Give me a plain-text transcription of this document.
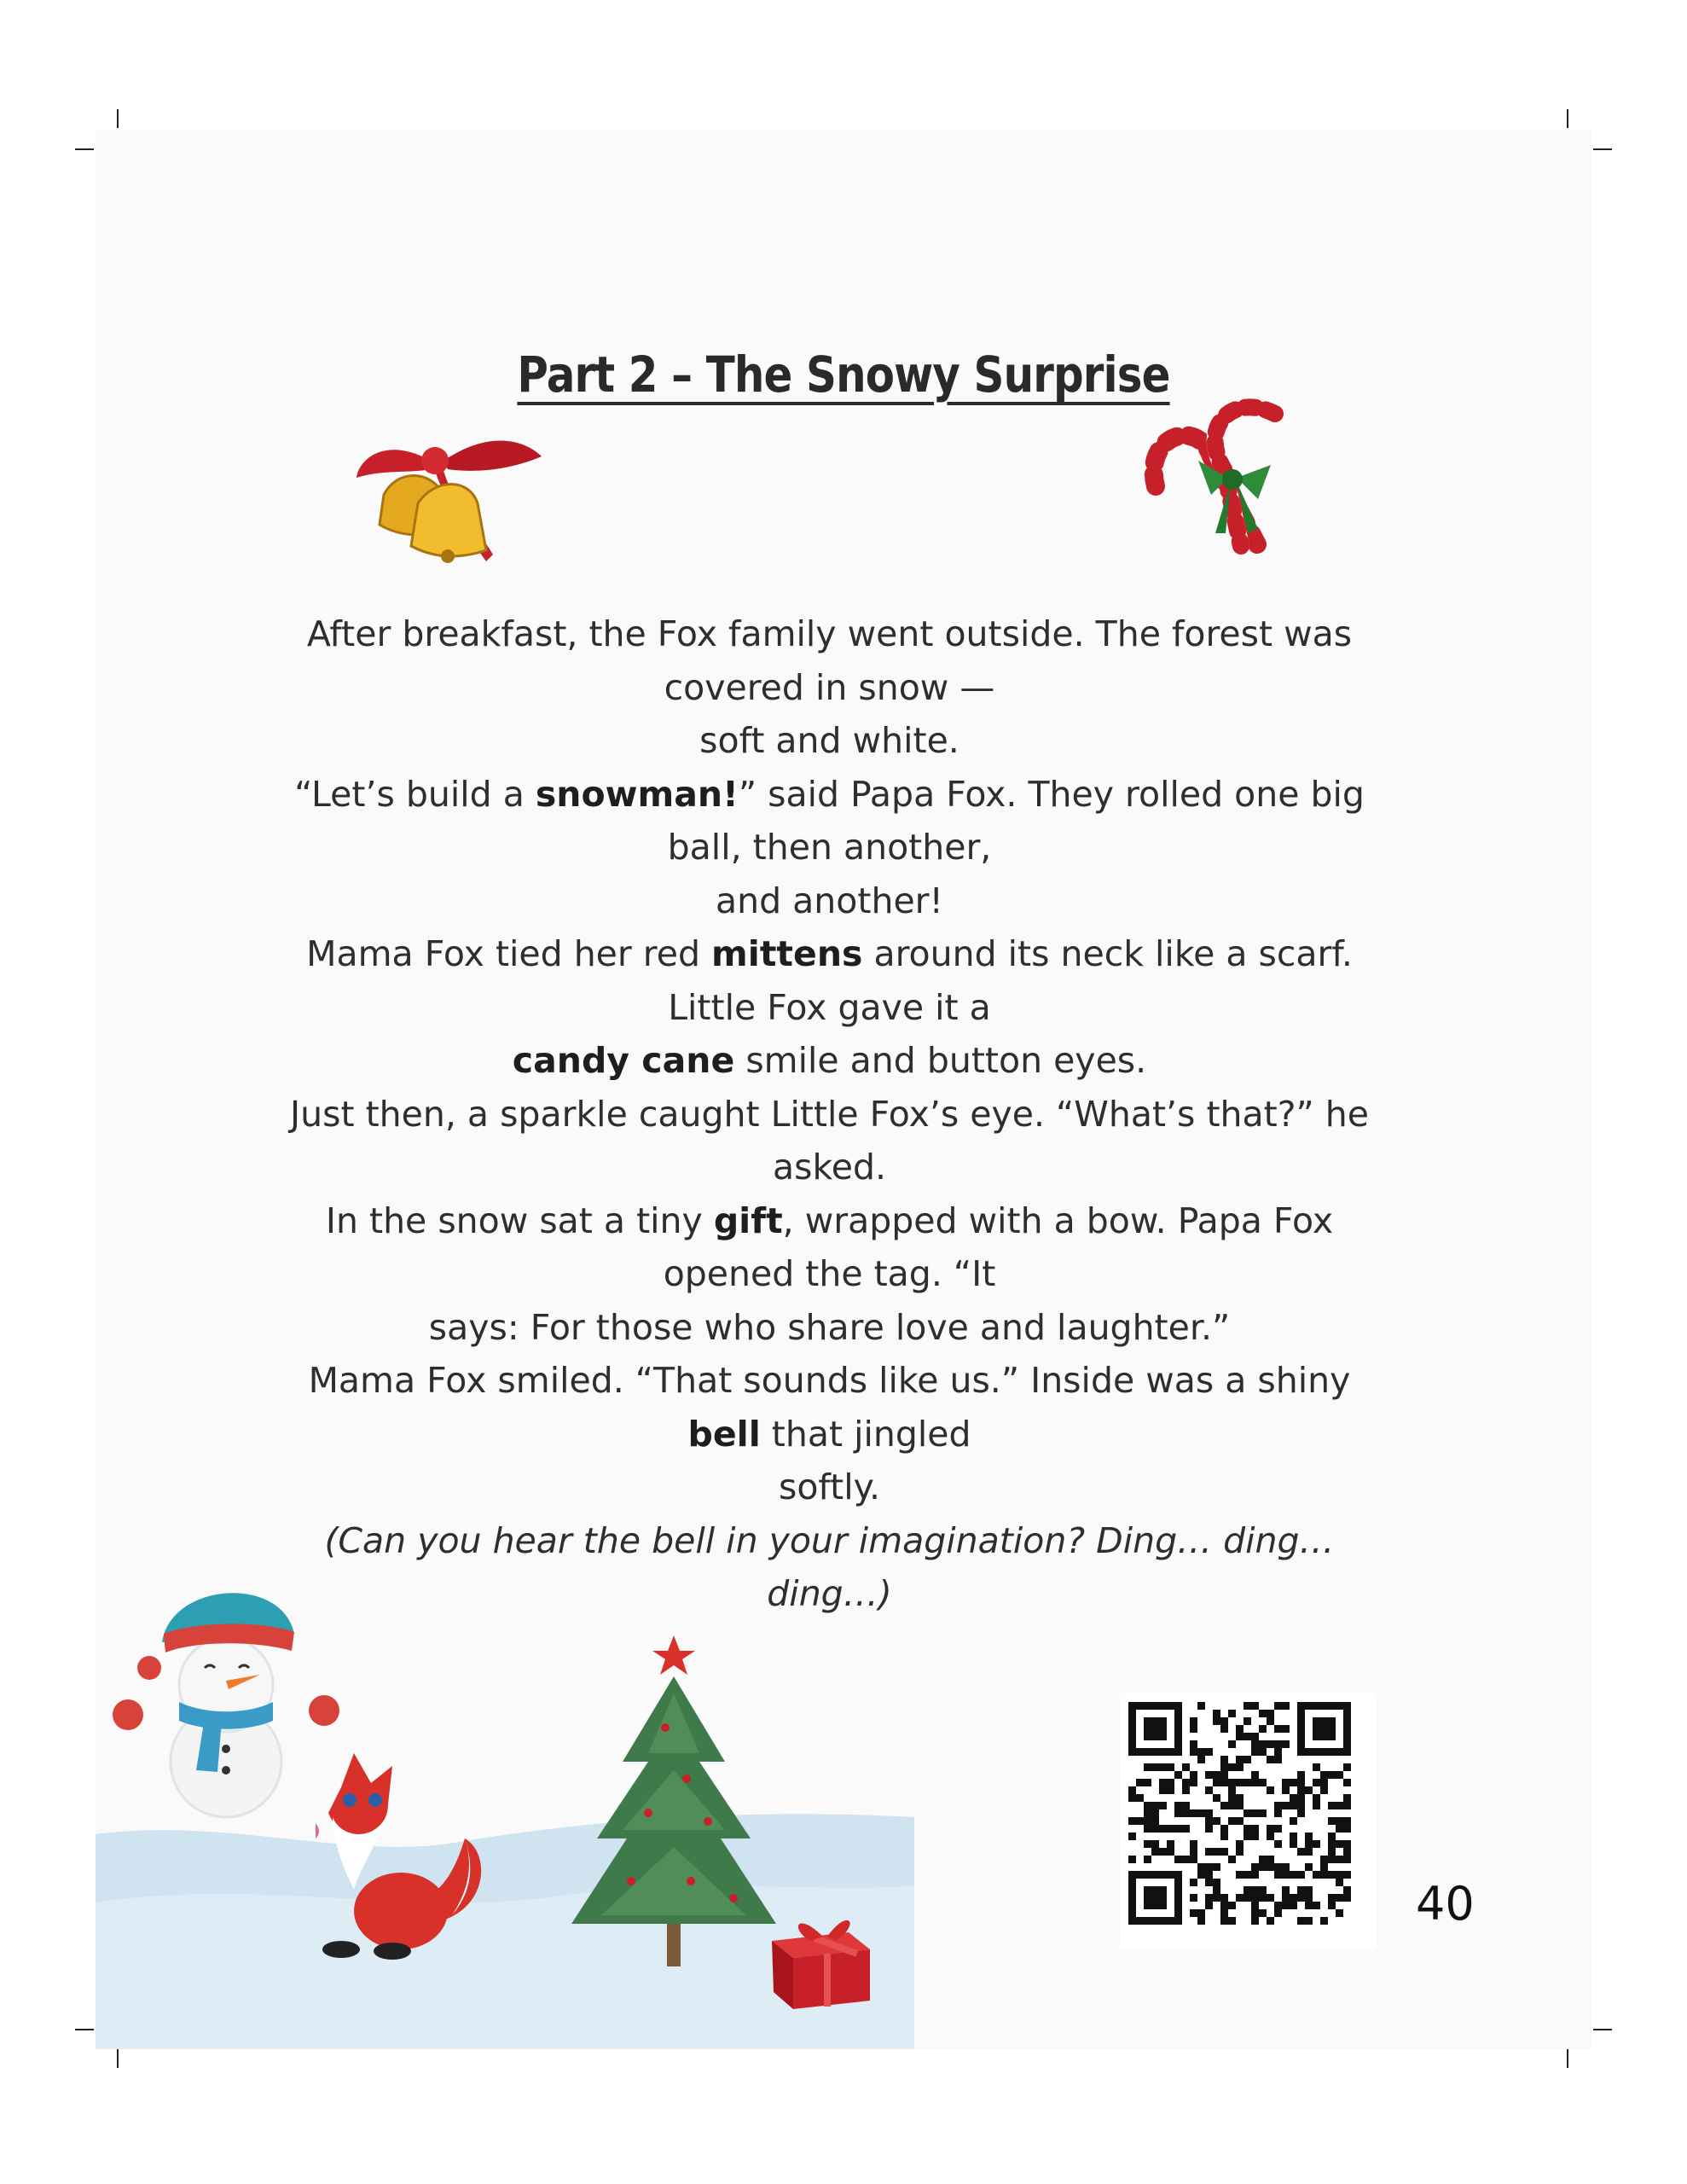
Part 2 – The Snowy Surprise
After breakfast, the Fox family went outside. The forest was
covered in snow —
soft and white.
“Let’s build a snowman!” said Papa Fox. They rolled one big
ball, then another,
and another!
Mama Fox tied her red mittens around its neck like a scarf.
Little Fox gave it a
candy cane smile and button eyes.
Just then, a sparkle caught Little Fox’s eye. “What’s that?” he
asked.
In the snow sat a tiny gift, wrapped with a bow. Papa Fox
opened the tag. “It
says: For those who share love and laughter.”
Mama Fox smiled. “That sounds like us.” Inside was a shiny
bell that jingled
softly.
(Can you hear the bell in your imagination? Ding… ding…
ding…)
40
